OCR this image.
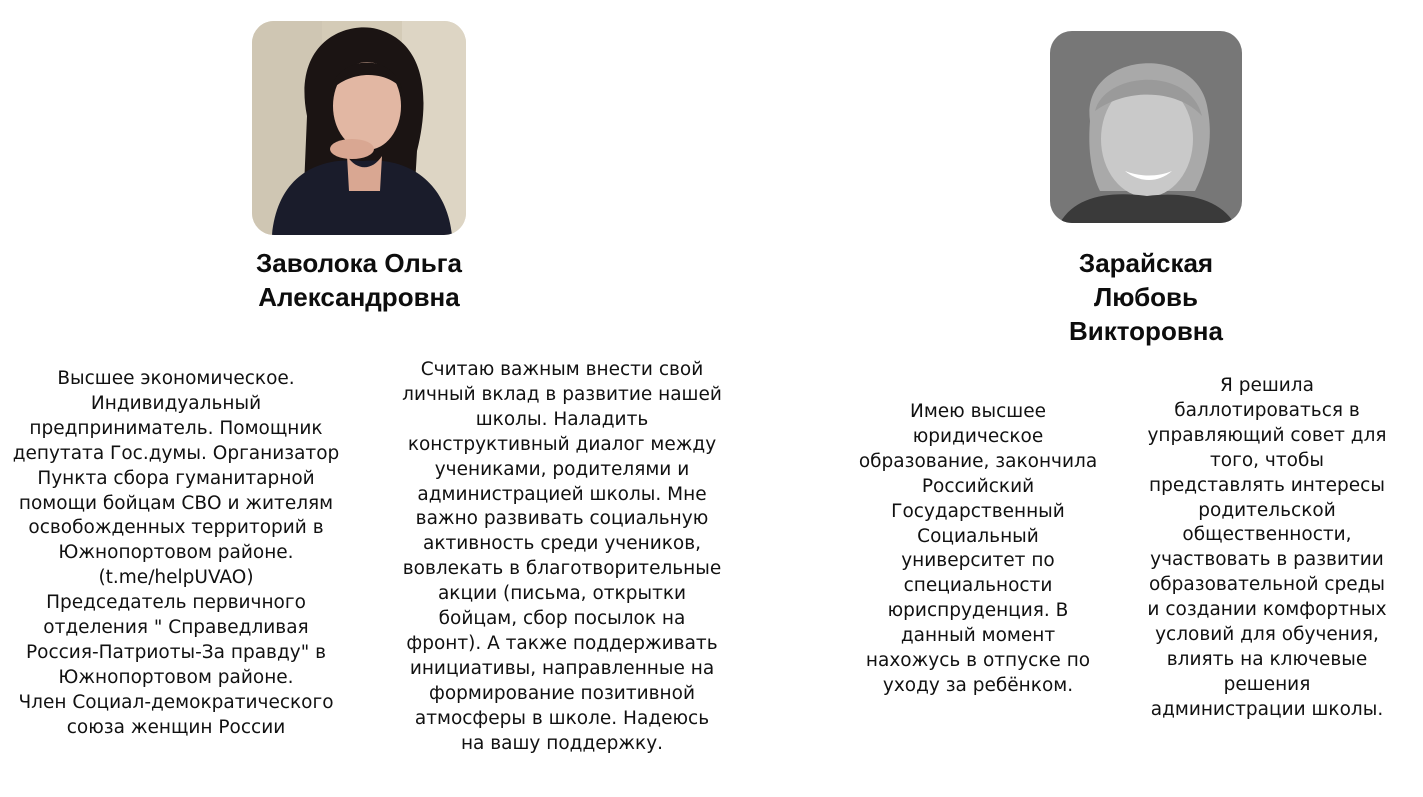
Заволока Ольга
Александровна
Высшее экономическое.
Индивидуальный
предприниматель. Помощник
депутата Гос.думы. Организатор
Пункта сбора гуманитарной
помощи бойцам СВО и жителям
освобожденных территорий в
Южнопортовом районе.
(t.me/helpUVAO)
Председатель первичного
отделения " Справедливая
Россия-Патриоты-За правду" в
Южнопортовом районе.
Член Социал-демократического
союза женщин России
Считаю важным внести свой
личный вклад в развитие нашей
школы. Наладить
конструктивный диалог между
учениками, родителями и
администрацией школы. Мне
важно развивать социальную
активность среди учеников,
вовлекать в благотворительные
акции (письма, открытки
бойцам, сбор посылок на
фронт). А также поддерживать
инициативы, направленные на
формирование позитивной
атмосферы в школе. Надеюсь
на вашу поддержку.
Зарайская
Любовь
Викторовна
Имею высшее
юридическое
образование, закончила
Российский
Государственный
Социальный
университет по
специальности
юриспруденция. В
данный момент
нахожусь в отпуске по
уходу за ребёнком.
Я решила
баллотироваться в
управляющий совет для
того, чтобы
представлять интересы
родительской
общественности,
участвовать в развитии
образовательной среды
и создании комфортных
условий для обучения,
влиять на ключевые
решения
администрации школы.
